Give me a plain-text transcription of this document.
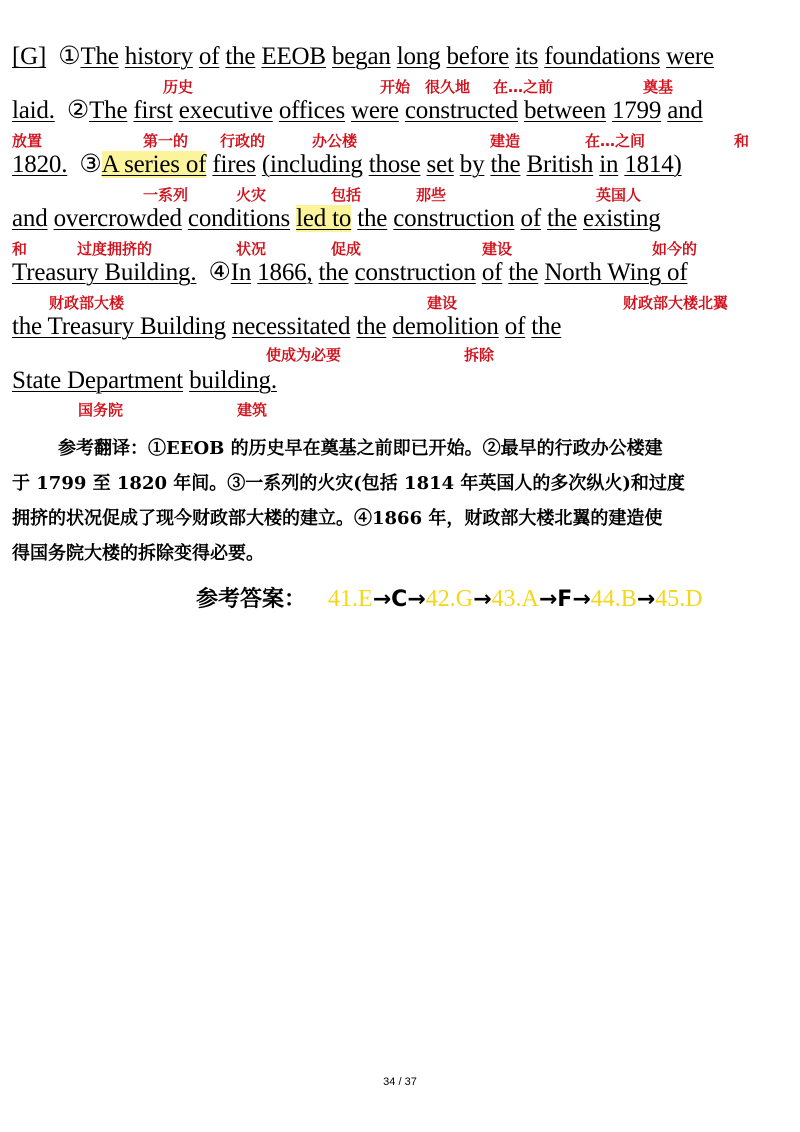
[G] ①The history of the EEOB began long before its foundations were
历史	开始 很久地 在…之前	奠基
laid. ②The first executive offices were constructed between 1799 and
放置	第一的 行政的	办公楼	建造	在…之间	和
1820. ③A series of fires (including those set by the British in 1814)
一系列	火灾	包括	那些	英国人
and overcrowded conditions led to the construction of the existing
和	过度拥挤的	状况	促成	建设	如今的
Treasury Building. ④In 1866, the construction of the North Wing of
财政部大楼	建设	财政部大楼北翼
the Treasury Building necessitated the demolition of the
使成为必要	拆除
State Department building.
国务院	建筑
参考翻译：①EEOB 的历史早在奠基之前即已开始。②最早的行政办公楼建
于 1799 至 1820 年间。③一系列的火灾(包括 1814 年英国人的多次纵火)和过度
拥挤的状况促成了现今财政部大楼的建立。④1866 年，财政部大楼北翼的建造使
得国务院大楼的拆除变得必要。
参考答案： 41.E→C→42.G→43.A→F→44.B→45.D
34 / 37
